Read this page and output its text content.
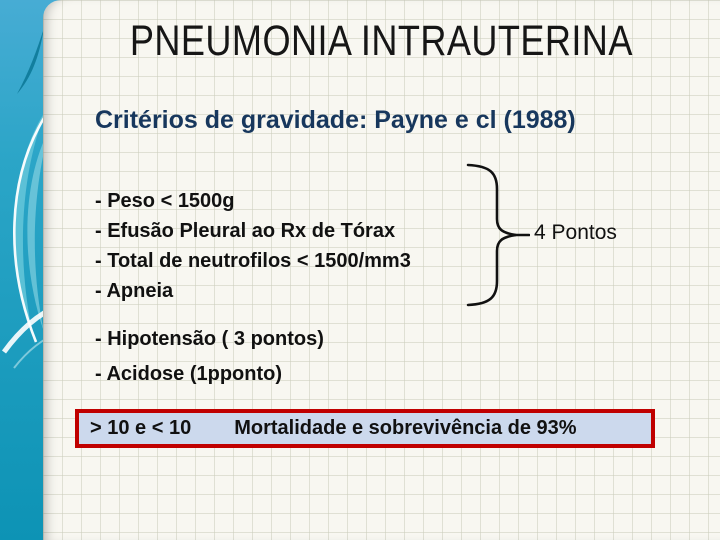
PNEUMONIA INTRAUTERINA
Critérios de gravidade: Payne e cl (1988)
- Peso < 1500g
- Efusão Pleural ao Rx de Tórax
- Total de neutrofilos < 1500/mm3
- Apneia
4 Pontos
- Hipotensão ( 3 pontos)
- Acidose (1pponto)
> 10 e < 10 Mortalidade e sobrevivência de 93%
